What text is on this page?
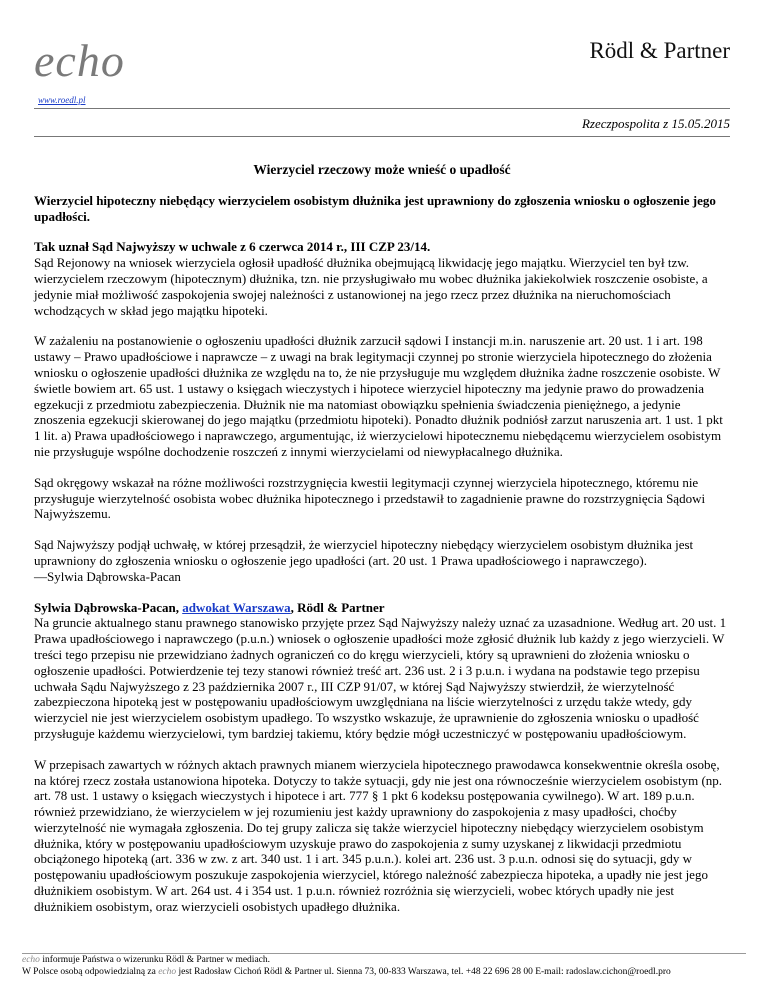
echo	Rödl & Partner
www.roedl.pl
Rzeczpospolita z 15.05.2015

Wierzyciel rzeczowy może wnieść o upadłość

Wierzyciel hipoteczny niebędący wierzycielem osobistym dłużnika jest uprawniony do zgłoszenia wniosku o ogłoszenie jego upadłości.

Tak uznał Sąd Najwyższy w uchwale z 6 czerwca 2014 r., III CZP 23/14.
Sąd Rejonowy na wniosek wierzyciela ogłosił upadłość dłużnika obejmującą likwidację jego majątku. Wierzyciel ten był tzw. wierzycielem rzeczowym (hipotecznym) dłużnika, tzn. nie przysługiwało mu wobec dłużnika jakiekolwiek roszczenie osobiste, a jedynie miał możliwość zaspokojenia swojej należności z ustanowionej na jego rzecz przez dłużnika na nieruchomościach wchodzących w skład jego majątku hipoteki.

W zażaleniu na postanowienie o ogłoszeniu upadłości dłużnik zarzucił sądowi I instancji m.in. naruszenie art. 20 ust. 1 i art. 198 ustawy – Prawo upadłościowe i naprawcze – z uwagi na brak legitymacji czynnej po stronie wierzyciela hipotecznego do złożenia wniosku o ogłoszenie upadłości dłużnika ze względu na to, że nie przysługuje mu względem dłużnika żadne roszczenie osobiste. W świetle bowiem art. 65 ust. 1 ustawy o księgach wieczystych i hipotece wierzyciel hipoteczny ma jedynie prawo do prowadzenia egzekucji z przedmiotu zabezpieczenia. Dłużnik nie ma natomiast obowiązku spełnienia świadczenia pieniężnego, a jedynie znoszenia egzekucji skierowanej do jego majątku (przedmiotu hipoteki). Ponadto dłużnik podniósł zarzut naruszenia art. 1 ust. 1 pkt 1 lit. a) Prawa upadłościowego i naprawczego, argumentując, iż wierzycielowi hipotecznemu niebędącemu wierzycielem osobistym nie przysługuje wspólne dochodzenie roszczeń z innymi wierzycielami od niewypłacalnego dłużnika.

Sąd okręgowy wskazał na różne możliwości rozstrzygnięcia kwestii legitymacji czynnej wierzyciela hipotecznego, któremu nie przysługuje wierzytelność osobista wobec dłużnika hipotecznego i przedstawił to zagadnienie prawne do rozstrzygnięcia Sądowi Najwyższemu.

Sąd Najwyższy podjął uchwałę, w której przesądził, że wierzyciel hipoteczny niebędący wierzycielem osobistym dłużnika jest uprawniony do zgłoszenia wniosku o ogłoszenie jego upadłości (art. 20 ust. 1 Prawa upadłościowego i naprawczego).
—Sylwia Dąbrowska-Pacan

Sylwia Dąbrowska-Pacan, adwokat Warszawa, Rödl & Partner
Na gruncie aktualnego stanu prawnego stanowisko przyjęte przez Sąd Najwyższy należy uznać za uzasadnione. Według art. 20 ust. 1 Prawa upadłościowego i naprawczego (p.u.n.) wniosek o ogłoszenie upadłości może zgłosić dłużnik lub każdy z jego wierzycieli. W treści tego przepisu nie przewidziano żadnych ograniczeń co do kręgu wierzycieli, który są uprawnieni do złożenia wniosku o ogłoszenie upadłości. Potwierdzenie tej tezy stanowi również treść art. 236 ust. 2 i 3 p.u.n. i wydana na podstawie tego przepisu uchwała Sądu Najwyższego z 23 października 2007 r., III CZP 91/07, w której Sąd Najwyższy stwierdził, że wierzytelność zabezpieczona hipoteką jest w postępowaniu upadłościowym uwzględniana na liście wierzytelności z urzędu także wtedy, gdy wierzyciel nie jest wierzycielem osobistym upadłego. To wszystko wskazuje, że uprawnienie do zgłoszenia wniosku o upadłość przysługuje każdemu wierzycielowi, tym bardziej takiemu, który będzie mógł uczestniczyć w postępowaniu upadłościowym.

W przepisach zawartych w różnych aktach prawnych mianem wierzyciela hipotecznego prawodawca konsekwentnie określa osobę, na której rzecz została ustanowiona hipoteka. Dotyczy to także sytuacji, gdy nie jest ona równocześnie wierzycielem osobistym (np. art. 78 ust. 1 ustawy o księgach wieczystych i hipotece i art. 777 § 1 pkt 6 kodeksu postępowania cywilnego). W art. 189 p.u.n. również przewidziano, że wierzycielem w jej rozumieniu jest każdy uprawniony do zaspokojenia z masy upadłości, choćby wierzytelność nie wymagała zgłoszenia. Do tej grupy zalicza się także wierzyciel hipoteczny niebędący wierzycielem osobistym dłużnika, który w postępowaniu upadłościowym uzyskuje prawo do zaspokojenia z sumy uzyskanej z likwidacji przedmiotu obciążonego hipoteką (art. 336 w zw. z art. 340 ust. 1 i art. 345 p.u.n.). kolei art. 236 ust. 3 p.u.n. odnosi się do sytuacji, gdy w postępowaniu upadłościowym poszukuje zaspokojenia wierzyciel, którego należność zabezpiecza hipoteka, a upadły nie jest jego dłużnikiem osobistym. W art. 264 ust. 4 i 354 ust. 1 p.u.n. również rozróżnia się wierzycieli, wobec których upadły nie jest dłużnikiem osobistym, oraz wierzycieli osobistych upadłego dłużnika.

echo informuje Państwa o wizerunku Rödl & Partner w mediach.
W Polsce osobą odpowiedzialną za echo jest Radosław Cichoń Rödl & Partner ul. Sienna 73, 00-833 Warszawa, tel. +48 22 696 28 00 E-mail: radoslaw.cichon@roedl.pro
